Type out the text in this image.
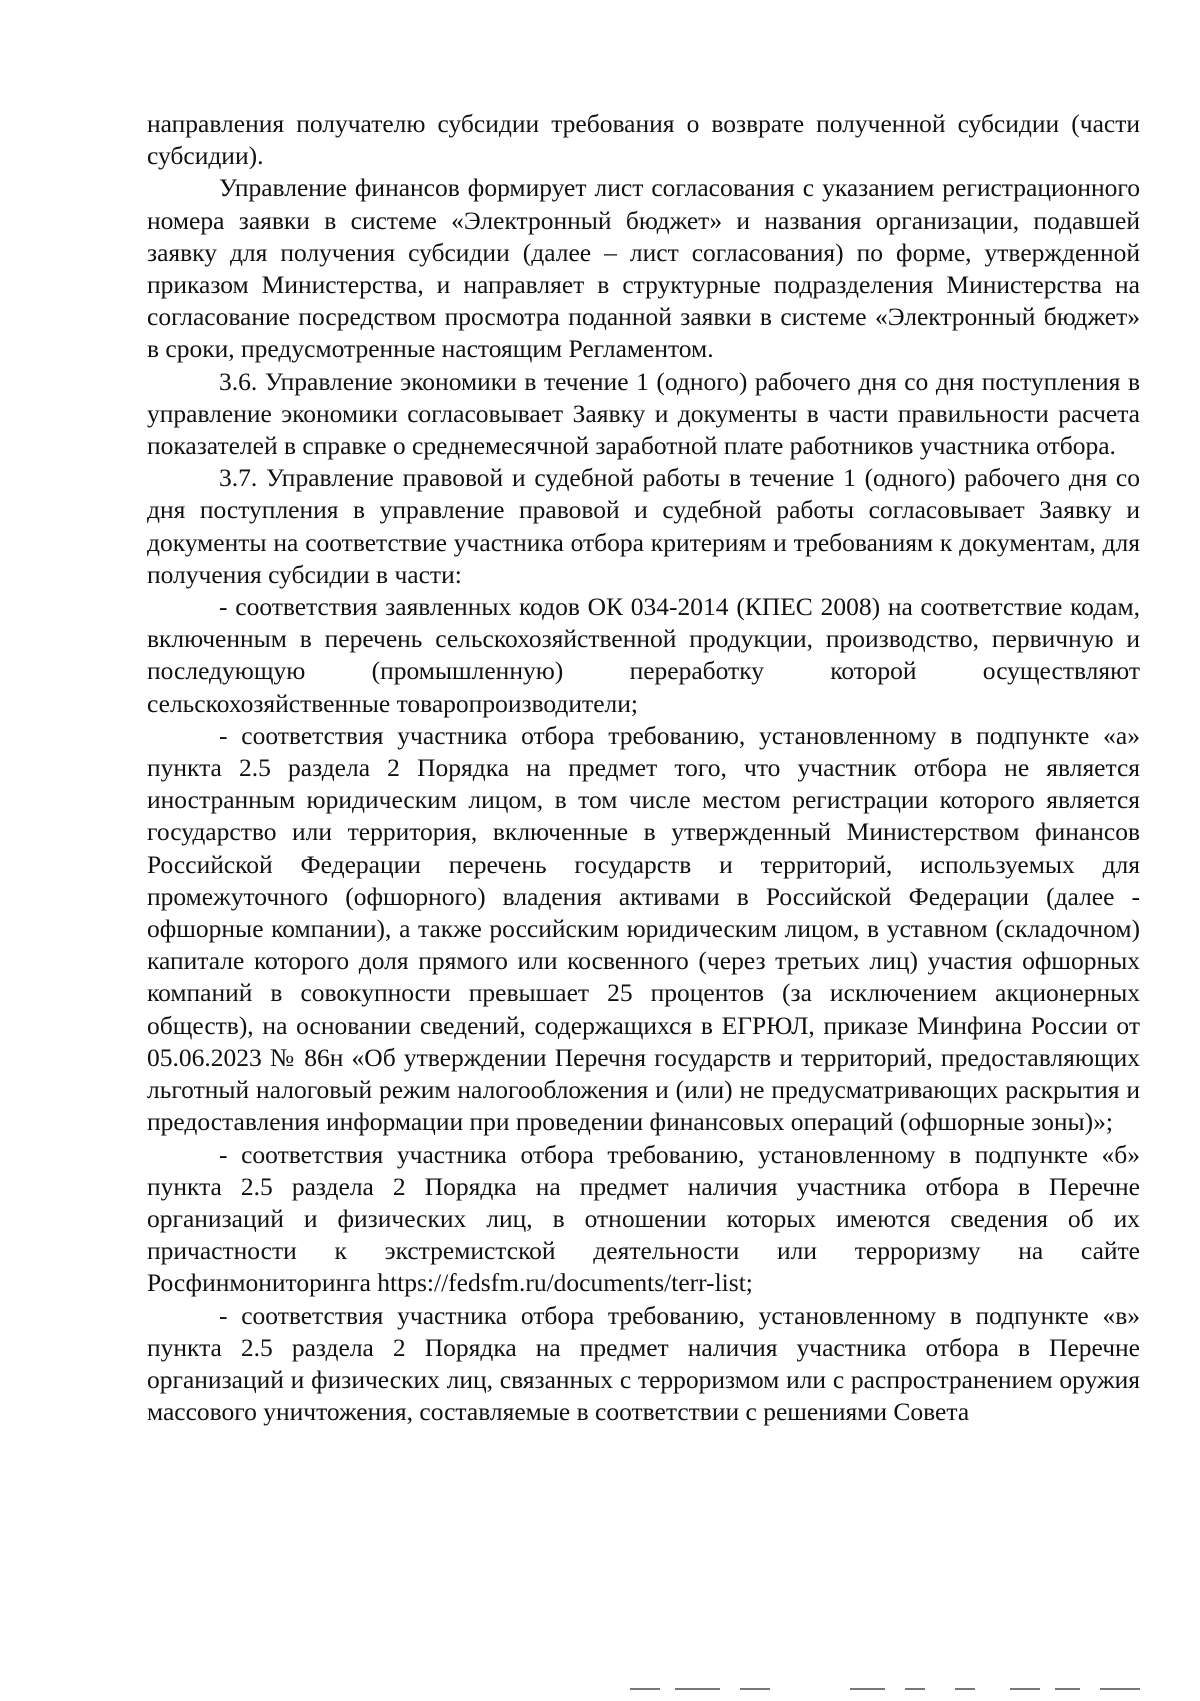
направления получателю субсидии требования о возврате полученной субсидии (части субсидии).

Управление финансов формирует лист согласования с указанием регистрационного номера заявки в системе «Электронный бюджет» и названия организации, подавшей заявку для получения субсидии (далее – лист согласования) по форме, утвержденной приказом Министерства, и направляет в структурные подразделения Министерства на согласование посредством просмотра поданной заявки в системе «Электронный бюджет» в сроки, предусмотренные настоящим Регламентом.

3.6. Управление экономики в течение 1 (одного) рабочего дня со дня поступления в управление экономики согласовывает Заявку и документы в части правильности расчета показателей в справке о среднемесячной заработной плате работников участника отбора.

3.7. Управление правовой и судебной работы в течение 1 (одного) рабочего дня со дня поступления в управление правовой и судебной работы согласовывает Заявку и документы на соответствие участника отбора критериям и требованиям к документам, для получения субсидии в части:

- соответствия заявленных кодов ОК 034-2014 (КПЕС 2008) на соответствие кодам, включенным в перечень сельскохозяйственной продукции, производство, первичную и последующую (промышленную) переработку которой осуществляют сельскохозяйственные товаропроизводители;

- соответствия участника отбора требованию, установленному в подпункте «а» пункта 2.5 раздела 2 Порядка на предмет того, что участник отбора не является иностранным юридическим лицом, в том числе местом регистрации которого является государство или территория, включенные в утвержденный Министерством финансов Российской Федерации перечень государств и территорий, используемых для промежуточного (офшорного) владения активами в Российской Федерации (далее - офшорные компании), а также российским юридическим лицом, в уставном (складочном) капитале которого доля прямого или косвенного (через третьих лиц) участия офшорных компаний в совокупности превышает 25 процентов (за исключением акционерных обществ), на основании сведений, содержащихся в ЕГРЮЛ, приказе Минфина России от 05.06.2023 № 86н «Об утверждении Перечня государств и территорий, предоставляющих льготный налоговый режим налогообложения и (или) не предусматривающих раскрытия и предоставления информации при проведении финансовых операций (офшорные зоны)»;

- соответствия участника отбора требованию, установленному в подпункте «б» пункта 2.5 раздела 2 Порядка на предмет наличия участника отбора в Перечне организаций и физических лиц, в отношении которых имеются сведения об их причастности к экстремистской деятельности или терроризму на сайте Росфинмониторинга https://fedsfm.ru/documents/terr-list;

- соответствия участника отбора требованию, установленному в подпункте «в» пункта 2.5 раздела 2 Порядка на предмет наличия участника отбора в Перечне организаций и физических лиц, связанных с терроризмом или с распространением оружия массового уничтожения, составляемые в соответствии с решениями Совета
